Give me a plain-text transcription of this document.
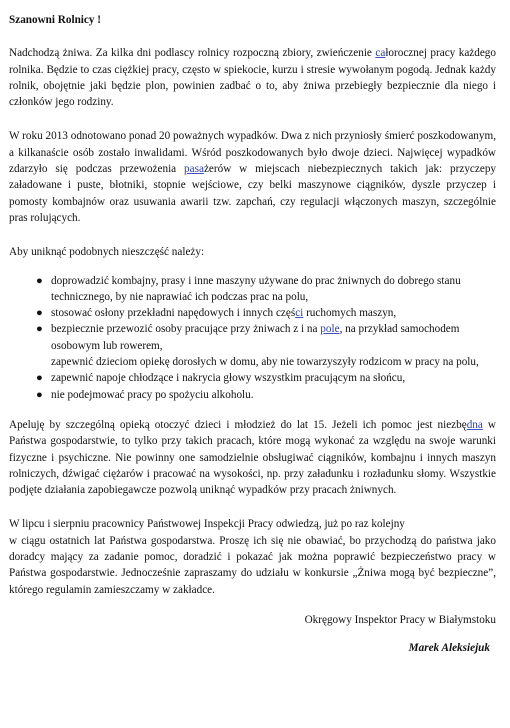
Szanowni Rolnicy !

Nadchodzą żniwa. Za kilka dni podlascy rolnicy rozpoczną zbiory, zwieńczenie całorocznej pracy każdego rolnika. Będzie to czas ciężkiej pracy, często w spiekocie, kurzu i stresie wywołanym pogodą. Jednak każdy rolnik, obojętnie jaki będzie plon, powinien zadbać o to, aby żniwa przebiegły bezpiecznie dla niego i członków jego rodziny.

W roku 2013 odnotowano ponad 20 poważnych wypadków. Dwa z nich przyniosły śmierć poszkodowanym, a kilkanaście osób zostało inwalidami. Wśród poszkodowanych było dwoje dzieci. Najwięcej wypadków zdarzyło się podczas przewożenia pasażerów w miejscach niebezpiecznych takich jak: przyczepy załadowane i puste, błotniki, stopnie wejściowe, czy belki maszynowe ciągników, dyszle przyczep i pomosty kombajnów oraz usuwania awarii tzw. zapchań, czy regulacji włączonych maszyn, szczególnie pras rolujących.

Aby uniknąć podobnych nieszczęść należy:

● doprowadzić kombajny, prasy i inne maszyny używane do prac żniwnych do dobrego stanu technicznego, by nie naprawiać ich podczas prac na polu,
● stosować osłony przekładni napędowych i innych części ruchomych maszyn,
● bezpiecznie przewozić osoby pracujące przy żniwach z i na pole, na przykład samochodem osobowym lub rowerem,
zapewnić dzieciom opiekę dorosłych w domu, aby nie towarzyszyły rodzicom w pracy na polu,
● zapewnić napoje chłodzące i nakrycia głowy wszystkim pracującym na słońcu,
● nie podejmować pracy po spożyciu alkoholu.

Apeluję by szczególną opieką otoczyć dzieci i młodzież do lat 15. Jeżeli ich pomoc jest niezbędna w Państwa gospodarstwie, to tylko przy takich pracach, które mogą wykonać za względu na swoje warunki fizyczne i psychiczne. Nie powinny one samodzielnie obsługiwać ciągników, kombajnu i innych maszyn rolniczych, dźwigać ciężarów i pracować na wysokości, np. przy załadunku i rozładunku słomy. Wszystkie podjęte działania zapobiegawcze pozwolą uniknąć wypadków przy pracach żniwnych.

W lipcu i sierpniu pracownicy Państwowej Inspekcji Pracy odwiedzą, już po raz kolejny

w ciągu ostatnich lat Państwa gospodarstwa. Proszę ich się nie obawiać, bo przychodzą do państwa jako doradcy mający za zadanie pomoc, doradzić i pokazać jak można poprawić bezpieczeństwo pracy w Państwa gospodarstwie. Jednocześnie zapraszamy do udziału w konkursie „Żniwa mogą być bezpieczne”, którego regulamin zamieszczamy w zakładce.

Okręgowy Inspektor Pracy w Białymstoku
Marek Aleksiejuk
